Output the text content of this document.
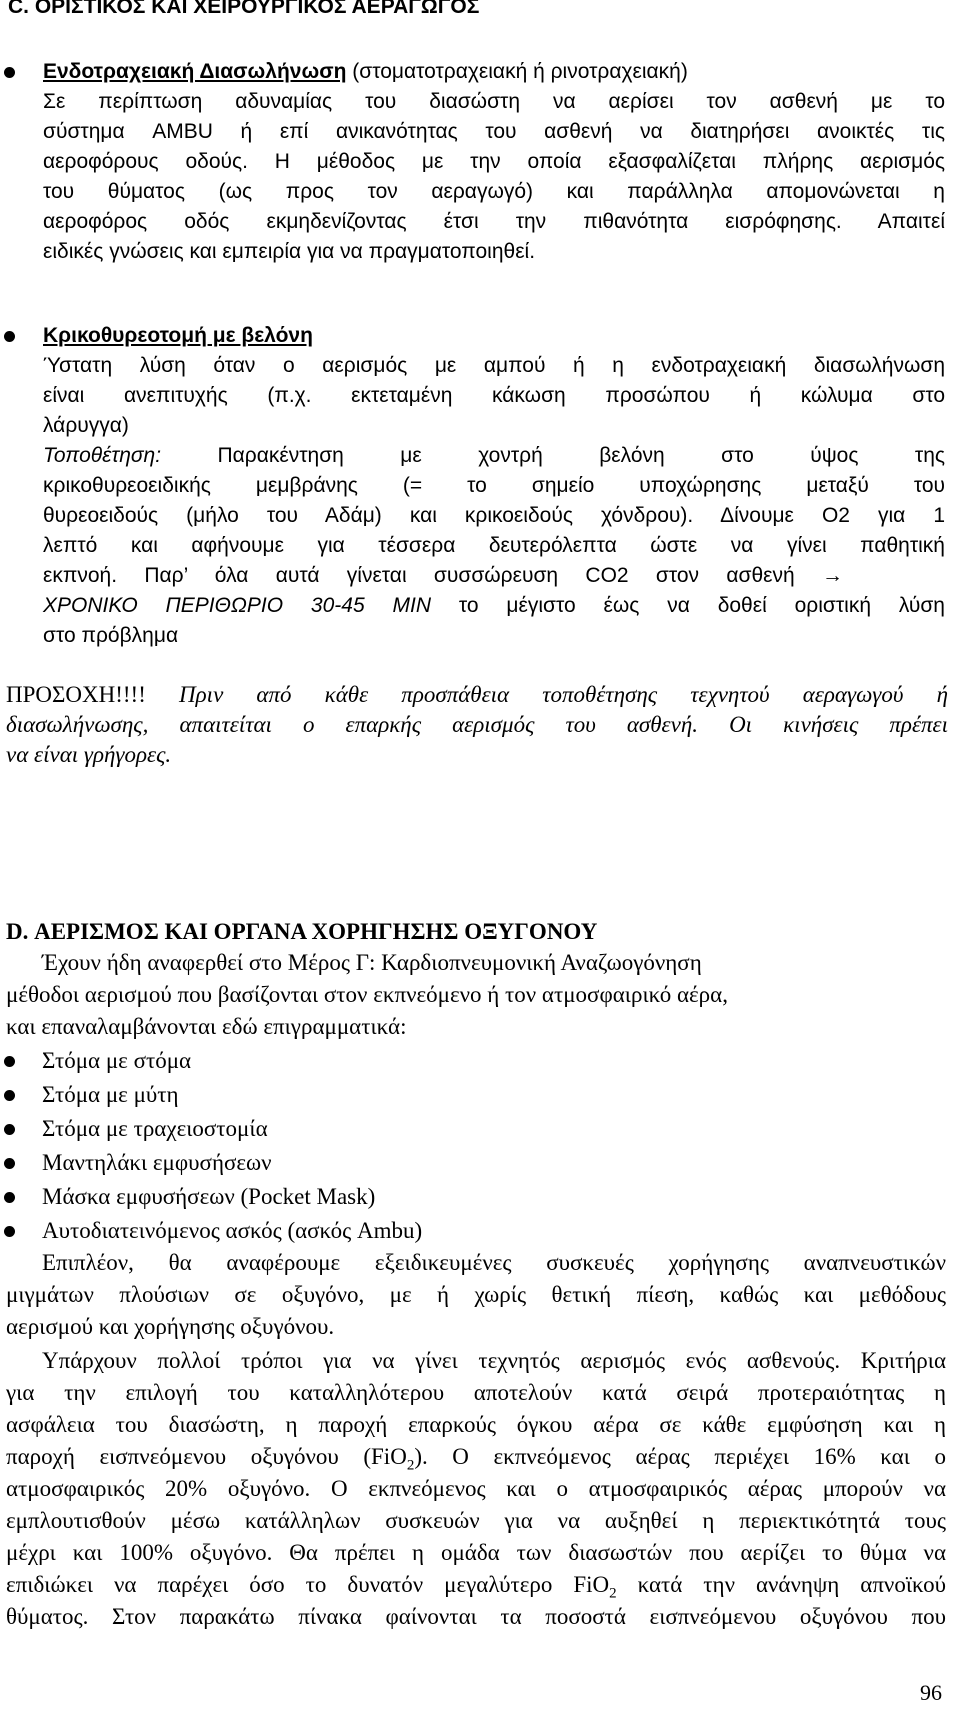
C. ΟΡΙΣΤΙΚΟΣ ΚΑΙ ΧΕΙΡΟΥΡΓΙΚΟΣ ΑΕΡΑΓΩΓΟΣ
Ενδοτραχειακή Διασωλήνωση (στοματοτραχειακή ή ρινοτραχειακή)
Σε περίπτωση αδυναμίας του διασώστη να αερίσει τον ασθενή με το
σύστημα AMBU ή επί ανικανότητας του ασθενή να διατηρήσει ανοικτές τις
αεροφόρους οδούς. Η μέθοδος με την οποία εξασφαλίζεται πλήρης αερισμός
του θύματος (ως προς τον αεραγωγό) και παράλληλα απομονώνεται η
αεροφόρος οδός εκμηδενίζοντας έτσι την πιθανότητα εισρόφησης. Απαιτεί
ειδικές γνώσεις και εμπειρία για να πραγματοποιηθεί.
Κρικοθυρεοτομή με βελόνη
Ύστατη λύση όταν ο αερισμός με αμπού ή η ενδοτραχειακή διασωλήνωση
είναι ανεπιτυχής (π.χ. εκτεταμένη κάκωση προσώπου ή κώλυμα στο
λάρυγγα)
Τοποθέτηση: Παρακέντηση με χοντρή βελόνη στο ύψος της
κρικοθυρεοειδικής μεμβράνης (= το σημείο υποχώρησης μεταξύ του
θυρεοειδούς (μήλο του Αδάμ) και κρικοειδούς χόνδρου). Δίνουμε Ο2 για 1
λεπτό και αφήνουμε για τέσσερα δευτερόλεπτα ώστε να γίνει παθητική
εκπνοή. Παρ’ όλα αυτά γίνεται συσσώρευση CO2 στον ασθενή →
ΧΡΟΝΙΚΟ ΠΕΡΙΘΩΡΙΟ 30-45 MIN το μέγιστο έως να δοθεί οριστική λύση
στο πρόβλημα
ΠΡΟΣΟΧΗ!!!! Πριν από κάθε προσπάθεια τοποθέτησης τεχνητού αεραγωγού ή
διασωλήνωσης, απαιτείται ο επαρκής αερισμός του ασθενή. Οι κινήσεις πρέπει
να είναι γρήγορες.
D. ΑΕΡΙΣΜΟΣ ΚΑΙ ΟΡΓΑΝΑ ΧΟΡΗΓΗΣΗΣ ΟΞΥΓΟΝΟΥ
Έχουν ήδη αναφερθεί στο Μέρος Γ: Καρδιοπνευμονική Αναζωογόνηση
μέθοδοι αερισμού που βασίζονται στον εκπνεόμενο ή τον ατμοσφαιρικό αέρα,
και επαναλαμβάνονται εδώ επιγραμματικά:
Στόμα με στόμα
Στόμα με μύτη
Στόμα με τραχειοστομία
Μαντηλάκι εμφυσήσεων
Μάσκα εμφυσήσεων (Pocket Mask)
Αυτοδιατεινόμενος ασκός (ασκός Ambu)
Επιπλέον, θα αναφέρουμε εξειδικευμένες συσκευές χορήγησης αναπνευστικών
μιγμάτων πλούσιων σε οξυγόνο, με ή χωρίς θετική πίεση, καθώς και μεθόδους
αερισμού και χορήγησης οξυγόνου.
Υπάρχουν πολλοί τρόποι για να γίνει τεχνητός αερισμός ενός ασθενούς. Κριτήρια
για την επιλογή του καταλληλότερου αποτελούν κατά σειρά προτεραιότητας η
ασφάλεια του διασώστη, η παροχή επαρκούς όγκου αέρα σε κάθε εμφύσηση και η
παροχή εισπνεόμενου οξυγόνου (FiO$_2$). Ο εκπνεόμενος αέρας περιέχει 16% και ο
ατμοσφαιρικός 20% οξυγόνο. Ο εκπνεόμενος και ο ατμοσφαιρικός αέρας μπορούν να
εμπλουτισθούν μέσω κατάλληλων συσκευών για να αυξηθεί η περιεκτικότητά τους
μέχρι και 100% οξυγόνο. Θα πρέπει η ομάδα των διασωστών που αερίζει το θύμα να
επιδιώκει να παρέχει όσο το δυνατόν μεγαλύτερο FiO$_2$ κατά την ανάνηψη απνοϊκού
θύματος. Στον παρακάτω πίνακα φαίνονται τα ποσοστά εισπνεόμενου οξυγόνου που
96
